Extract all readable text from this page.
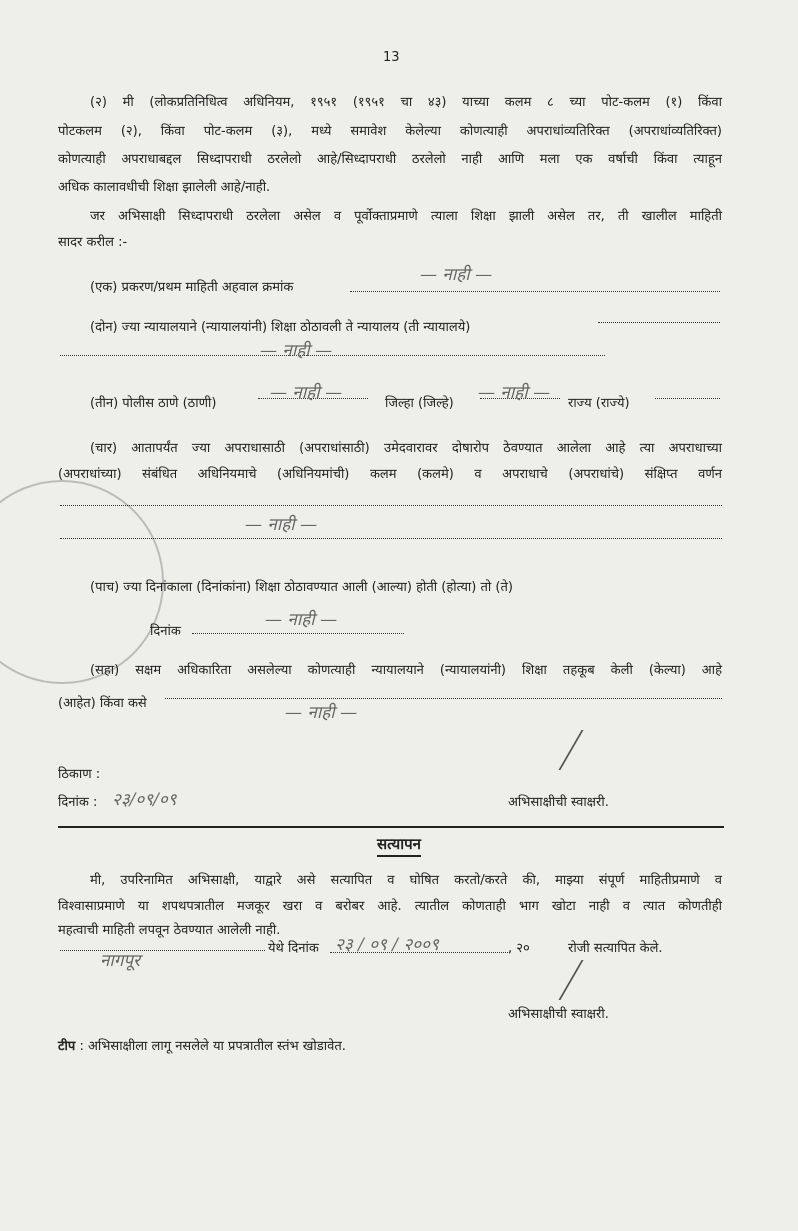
13
(२) मी (लोकप्रतिनिधित्व अधिनियम, १९५१ (१९५१ चा ४३) याच्या कलम ८ च्या पोट-कलम (१) किंवा
पोटकलम (२), किंवा पोट-कलम (३), मध्ये समावेश केलेल्या कोणत्याही अपराधांव्यतिरिक्त (अपराधांव्यतिरिक्त)
कोणत्याही अपराधाबद्दल सिध्दापराधी ठरलेलो आहे/सिध्दापराधी ठरलेलो नाही आणि मला एक वर्षाची किंवा त्याहून
अधिक कालावधीची शिक्षा झालेली आहे/नाही.
जर अभिसाक्षी सिध्दापराधी ठरलेला असेल व पूर्वोक्ताप्रमाणे त्याला शिक्षा झाली असेल तर, ती खालील माहिती
सादर करील :-
(एक) प्रकरण/प्रथम माहिती अहवाल क्रमांक
— नाही —
(दोन) ज्या न्यायालयाने (न्यायालयांनी) शिक्षा ठोठावली ते न्यायालय (ती न्यायालये)
— नाही —
(तीन) पोलीस ठाणे (ठाणी)
— नाही —
जिल्हा (जिल्हे)
— नाही —
राज्य (राज्ये)
(चार) आतापर्यंत ज्या अपराधासाठी (अपराधांसाठी) उमेदवारावर दोषारोप ठेवण्यात आलेला आहे त्या अपराधाच्या
(अपराधांच्या) संबंधित अधिनियमाचे (अधिनियमांची) कलम (कलमे) व अपराधाचे (अपराधांचे) संक्षिप्त वर्णन
— नाही —
(पाच) ज्या दिनांकाला (दिनांकांना) शिक्षा ठोठावण्यात आली (आल्या) होती (होत्या) तो (ते)
दिनांक
— नाही —
(सहा) सक्षम अधिकारिता असलेल्या कोणत्याही न्यायालयाने (न्यायालयांनी) शिक्षा तहकूब केली (केल्या) आहे
(आहेत) किंवा कसे	— नाही —
ठिकाण :
दिनांक : २३/०९/०९	अभिसाक्षीची स्वाक्षरी.
सत्यापन
मी, उपरिनामित अभिसाक्षी, याद्वारे असे सत्यापित व घोषित करतो/करते की, माझ्या संपूर्ण माहितीप्रमाणे व
विश्वासाप्रमाणे या शपथपत्रातील मजकूर खरा व बरोबर आहे. त्यातील कोणताही भाग खोटा नाही व त्यात कोणतीही
महत्वाची माहिती लपवून ठेवण्यात आलेली नाही.
नागपूर
येथे दिनांक २३ / ०९ / २००९	, २०	रोजी सत्यापित केले.
अभिसाक्षीची स्वाक्षरी.
टीप : अभिसाक्षीला लागू नसलेले या प्रपत्रातील स्तंभ खोडावेत.
